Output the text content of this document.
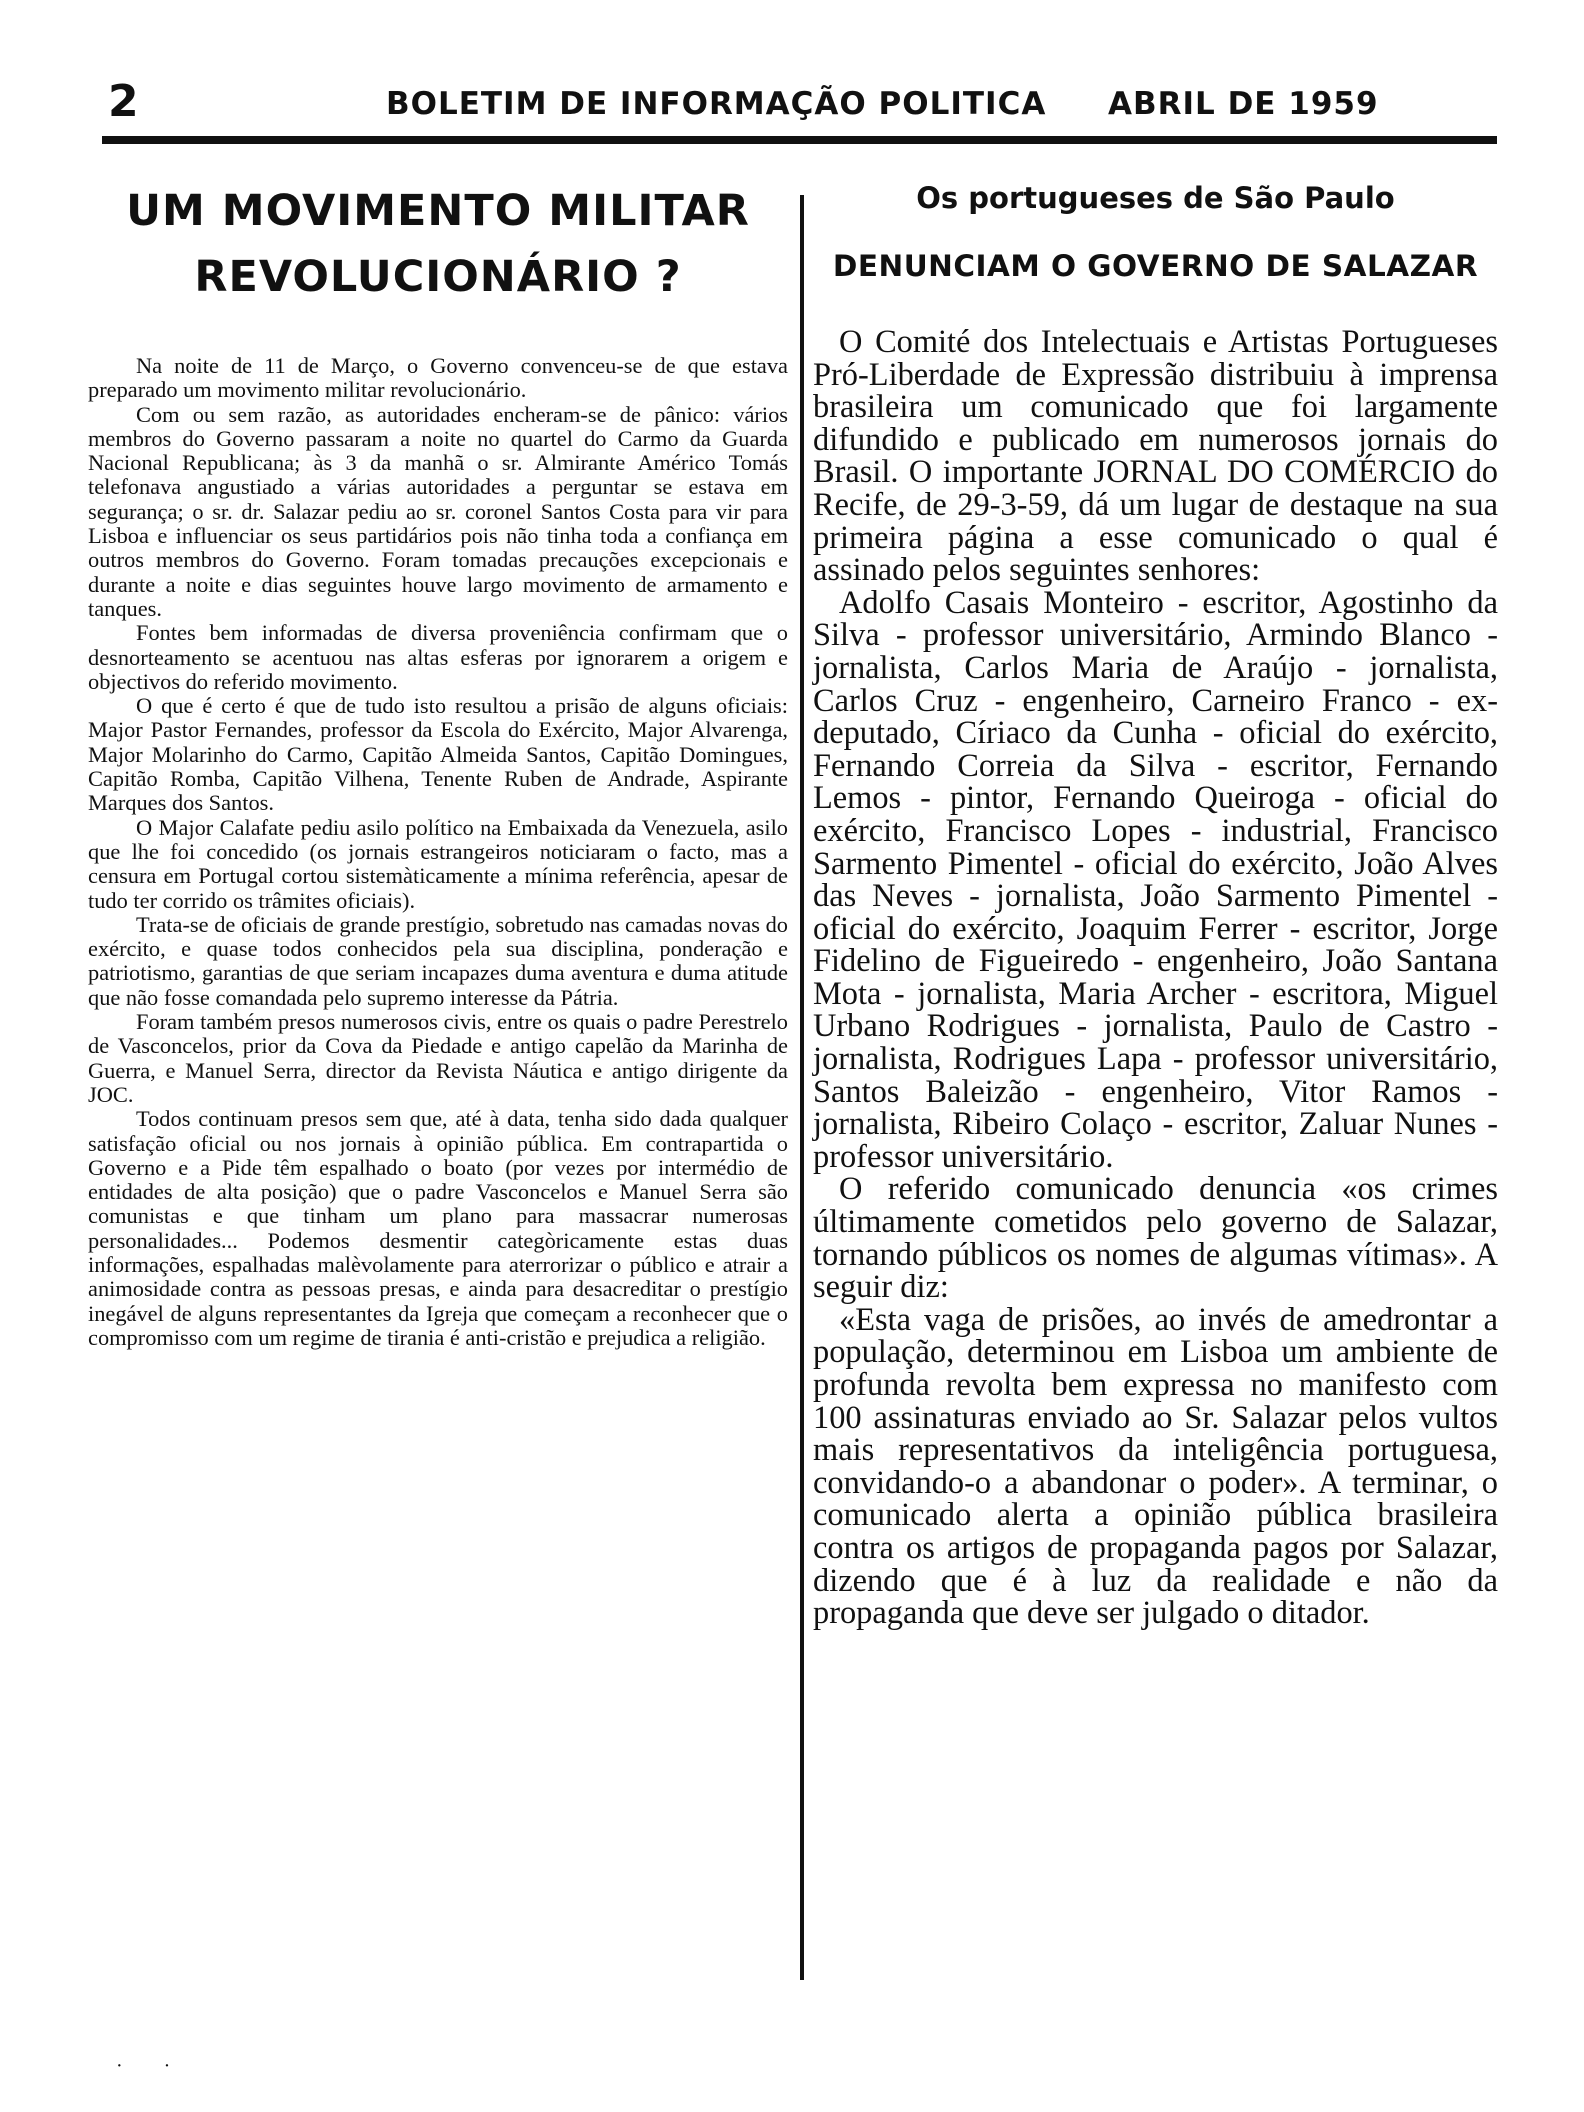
2	BOLETIM DE INFORMAÇÃO POLITICA ABRIL DE 1959
UM MOVIMENTO MILITAR
REVOLUCIONÁRIO ?

Na noite de 11 de Março, o Governo convenceu-se de que estava preparado um movimento militar revolucionário.

Com ou sem razão, as autoridades encheram-se de pânico: vários membros do Governo passaram a noite no quartel do Carmo da Guarda Nacional Republicana; às 3 da manhã o sr. Almirante Américo Tomás telefonava angustiado a várias autoridades a perguntar se estava em segurança; o sr. dr. Salazar pediu ao sr. coronel Santos Costa para vir para Lisboa e influenciar os seus partidários pois não tinha toda a confiança em outros membros do Governo. Foram tomadas precauções excepcionais e durante a noite e dias seguintes houve largo movimento de armamento e tanques.

Fontes bem informadas de diversa proveniência confirmam que o desnorteamento se acentuou nas altas esferas por ignorarem a origem e objectivos do referido movimento.

O que é certo é que de tudo isto resultou a prisão de alguns oficiais: Major Pastor Fernandes, professor da Escola do Exército, Major Alvarenga, Major Molarinho do Carmo, Capitão Almeida Santos, Capitão Domingues, Capitão Romba, Capitão Vilhena, Tenente Ruben de Andrade, Aspirante Marques dos Santos.

O Major Calafate pediu asilo político na Embaixada da Venezuela, asilo que lhe foi concedido (os jornais estrangeiros noticiaram o facto, mas a censura em Portugal cortou sistemàticamente a mínima referência, apesar de tudo ter corrido os trâmites oficiais).

Trata-se de oficiais de grande prestígio, sobretudo nas camadas novas do exército, e quase todos conhecidos pela sua disciplina, ponderação e patriotismo, garantias de que seriam incapazes duma aventura e duma atitude que não fosse comandada pelo supremo interesse da Pátria.

Foram também presos numerosos civis, entre os quais o padre Perestrelo de Vasconcelos, prior da Cova da Piedade e antigo capelão da Marinha de Guerra, e Manuel Serra, director da Revista Náutica e antigo dirigente da JOC.

Todos continuam presos sem que, até à data, tenha sido dada qualquer satisfação oficial ou nos jornais à opinião pública. Em contrapartida o Governo e a Pide têm espalhado o boato (por vezes por intermédio de entidades de alta posição) que o padre Vasconcelos e Manuel Serra são comunistas e que tinham um plano para massacrar numerosas personalidades... Podemos desmentir categòricamente estas duas informações, espalhadas malèvolamente para aterrorizar o público e atrair a animosidade contra as pessoas presas, e ainda para desacreditar o prestígio inegável de alguns representantes da Igreja que começam a reconhecer que o compromisso com um regime de tirania é anti-cristão e prejudica a religião.

Os portugueses de São Paulo
DENUNCIAM O GOVERNO DE SALAZAR

O Comité dos Intelectuais e Artistas Portugueses Pró-Liberdade de Expressão distribuiu à imprensa brasileira um comunicado que foi largamente difundido e publicado em numerosos jornais do Brasil. O importante JORNAL DO COMÉRCIO do Recife, de 29-3-59, dá um lugar de destaque na sua primeira página a esse comunicado o qual é assinado pelos seguintes senhores:

Adolfo Casais Monteiro - escritor, Agostinho da Silva - professor universitário, Armindo Blanco - jornalista, Carlos Maria de Araújo - jornalista, Carlos Cruz - engenheiro, Carneiro Franco - ex-deputado, Círiaco da Cunha - oficial do exército, Fernando Correia da Silva - escritor, Fernando Lemos - pintor, Fernando Queiroga - oficial do exército, Francisco Lopes - industrial, Francisco Sarmento Pimentel - oficial do exército, João Alves das Neves - jornalista, João Sarmento Pimentel - oficial do exército, Joaquim Ferrer - escritor, Jorge Fidelino de Figueiredo - engenheiro, João Santana Mota - jornalista, Maria Archer - escritora, Miguel Urbano Rodrigues - jornalista, Paulo de Castro - jornalista, Rodrigues Lapa - professor universitário, Santos Baleizão - engenheiro, Vitor Ramos - jornalista, Ribeiro Colaço - escritor, Zaluar Nunes - professor universitário.

O referido comunicado denuncia «os crimes últimamente cometidos pelo governo de Salazar, tornando públicos os nomes de algumas vítimas». A seguir diz:

«Esta vaga de prisões, ao invés de amedrontar a população, determinou em Lisboa um ambiente de profunda revolta bem expressa no manifesto com 100 assinaturas enviado ao Sr. Salazar pelos vultos mais representativos da inteligência portuguesa, convidando-o a abandonar o poder». A terminar, o comunicado alerta a opinião pública brasileira contra os artigos de propaganda pagos por Salazar, dizendo que é à luz da realidade e não da propaganda que deve ser julgado o ditador.

· ·
